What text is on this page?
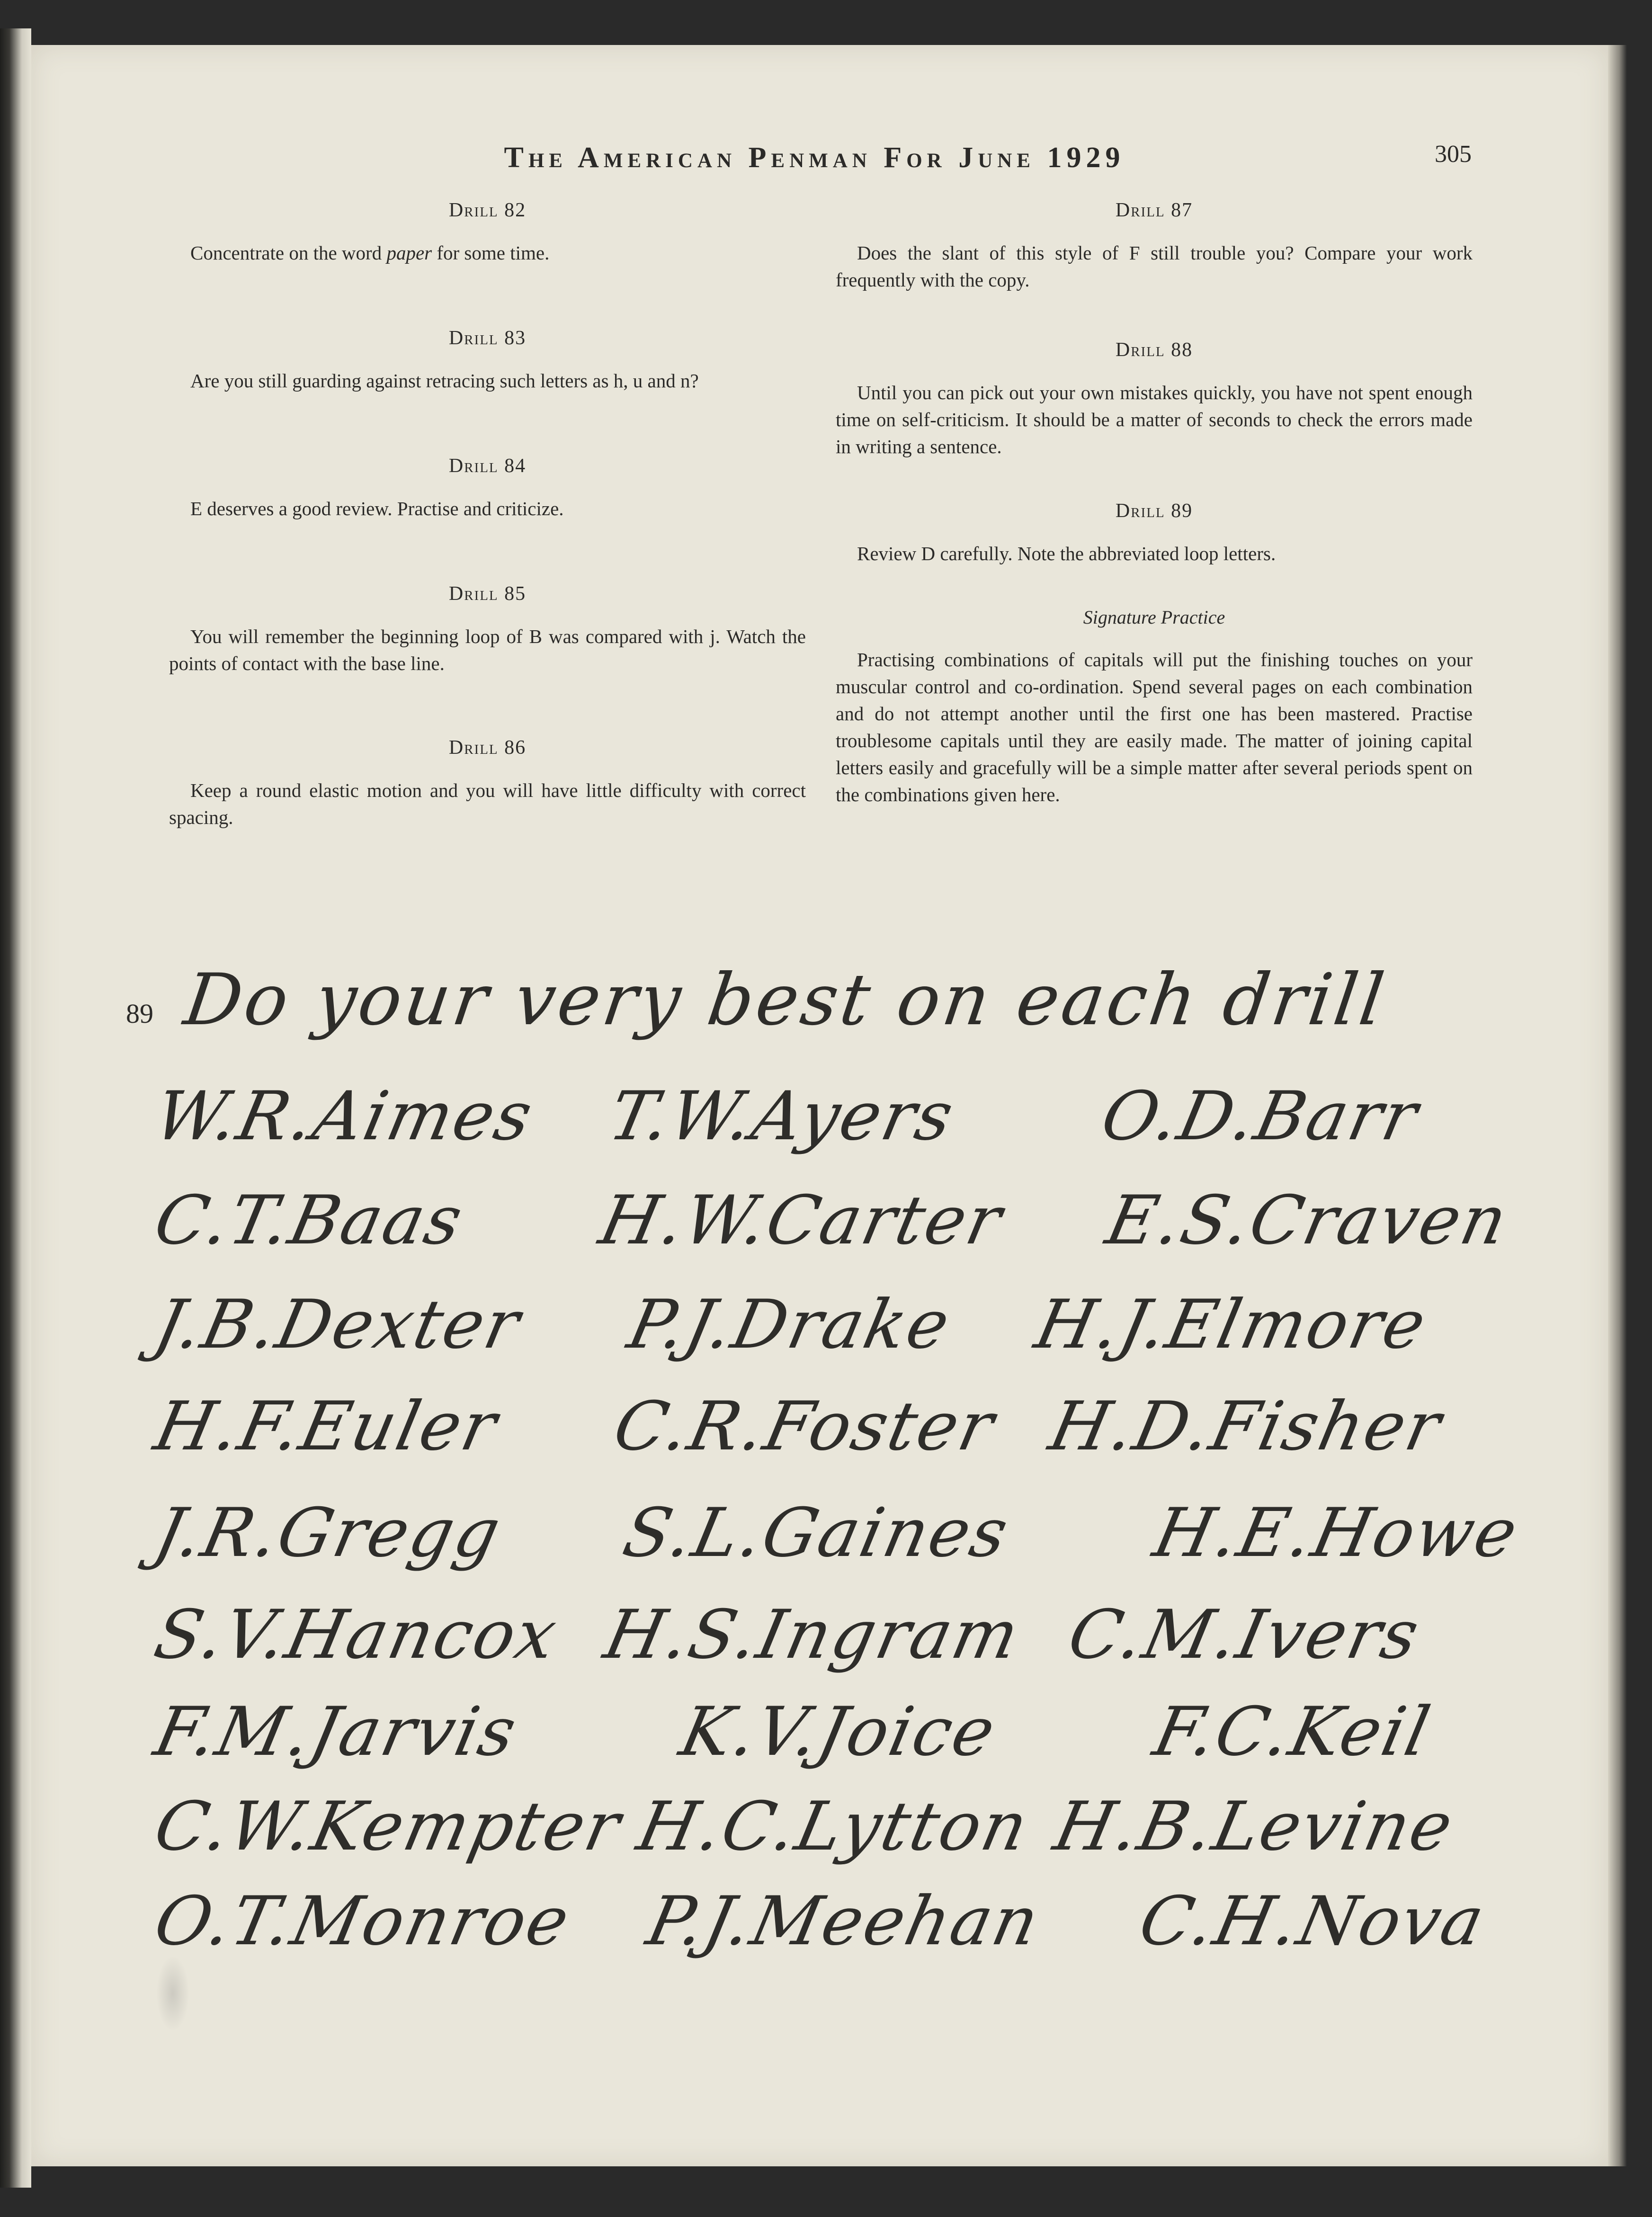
The American Penman For June 1929	305
Drill 82

Concentrate on the word paper for some time.

Drill 83

Are you still guarding against retracing such letters as h, u and n?

Drill 84

E deserves a good review. Practise and criticize.

Drill 85

You will remember the beginning loop of B was compared with j. Watch the points of contact with the base line.

Drill 86

Keep a round elastic motion and you will have little difficulty with correct spacing.

Drill 87

Does the slant of this style of F still trouble you? Compare your work frequently with the copy.

Drill 88

Until you can pick out your own mistakes quickly, you have not spent enough time on self-criticism. It should be a matter of seconds to check the errors made in writing a sentence.

Drill 89

Review D carefully. Note the abbreviated loop letters.

Signature Practice

Practising combinations of capitals will put the finishing touches on your muscular control and co-ordination. Spend several pages on each combination and do not attempt another until the first one has been mastered. Practise troublesome capitals until they are easily made. The matter of joining capital letters easily and gracefully will be a simple matter after several periods spent on the combinations given here.

89 Do your very best on each drill
W.R.Aimes T.W.Ayers O.D.Barr
C.T.Baas H.W.Carter E.S.Craven
J.B.Dexter P.J.Drake H.J.Elmore
H.F.Euler C.R.Foster H.D.Fisher
J.R.Gregg S.L.Gaines H.E.Howe
S.V.Hancox H.S.Ingram C.M.Ivers
F.M.Jarvis K.V.Joice F.C.Keil
C.W.Kempter H.C.Lytton H.B.Levine
O.T.Monroe P.J.Meehan C.H.Nova
